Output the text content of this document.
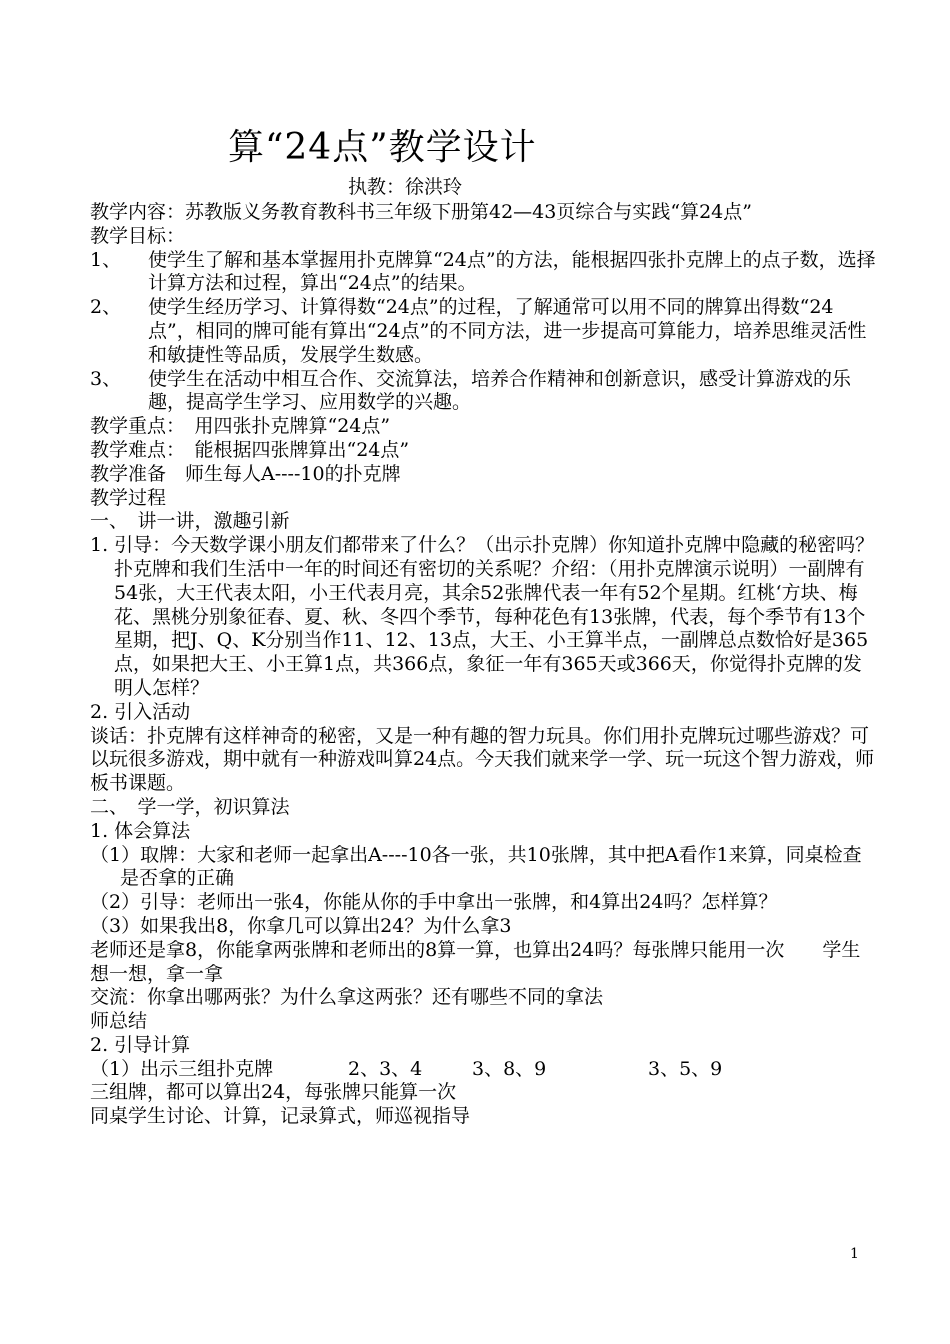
算“24点”教学设计
执教：徐洪玲

教学内容：苏教版义务教育教科书三年级下册第42—43页综合与实践“算24点”

教学目标：

1、	使学生了解和基本掌握用扑克牌算“24点”的方法，能根据四张扑克牌上的点子数，选择计算方法和过程，算出“24点”的结果。
2、	使学生经历学习、计算得数“24点”的过程，了解通常可以用不同的牌算出得数“24点”，相同的牌可能有算出“24点”的不同方法，进一步提高可算能力，培养思维灵活性和敏捷性等品质，发展学生数感。
3、	使学生在活动中相互合作、交流算法，培养合作精神和创新意识，感受计算游戏的乐趣，提高学生学习、应用数学的兴趣。

教学重点：　用四张扑克牌算“24点”

教学难点：　能根据四张牌算出“24点”

教学准备　师生每人A----10的扑克牌

教学过程

一、　讲一讲，激趣引新

1. 引导：今天数学课小朋友们都带来了什么？（出示扑克牌）你知道扑克牌中隐藏的秘密吗？扑克牌和我们生活中一年的时间还有密切的关系呢？介绍：（用扑克牌演示说明）一副牌有54张，大王代表太阳，小王代表月亮，其余52张牌代表一年有52个星期。红桃‘方块、梅花、黑桃分别象征春、夏、秋、冬四个季节，每种花色有13张牌，代表，每个季节有13个星期，把J、Q、K分别当作11、12、13点，大王、小王算半点，一副牌总点数恰好是365点，如果把大王、小王算1点，共366点，象征一年有365天或366天，你觉得扑克牌的发明人怎样？

2. 引入活动

谈话：扑克牌有这样神奇的秘密，又是一种有趣的智力玩具。你们用扑克牌玩过哪些游戏？可以玩很多游戏，期中就有一种游戏叫算24点。今天我们就来学一学、玩一玩这个智力游戏，师板书课题。

二、　学一学，初识算法

1. 体会算法

（1）取牌：大家和老师一起拿出A----10各一张，共10张牌，其中把A看作1来算，同桌检查是否拿的正确

（2）引导：老师出一张4，你能从你的手中拿出一张牌，和4算出24吗？怎样算？

（3）如果我出8，你拿几可以算出24？为什么拿3

老师还是拿8，你能拿两张牌和老师出的8算一算，也算出24吗？每张牌只能用一次　　学生想一想，拿一拿

交流：你拿出哪两张？为什么拿这两张？还有哪些不同的拿法

师总结

2. 引导计算

（1）出示三组扑克牌	2、3、4	3、8、9	3、5、9

三组牌，都可以算出24，每张牌只能算一次

同桌学生讨论、计算，记录算式，师巡视指导

1
